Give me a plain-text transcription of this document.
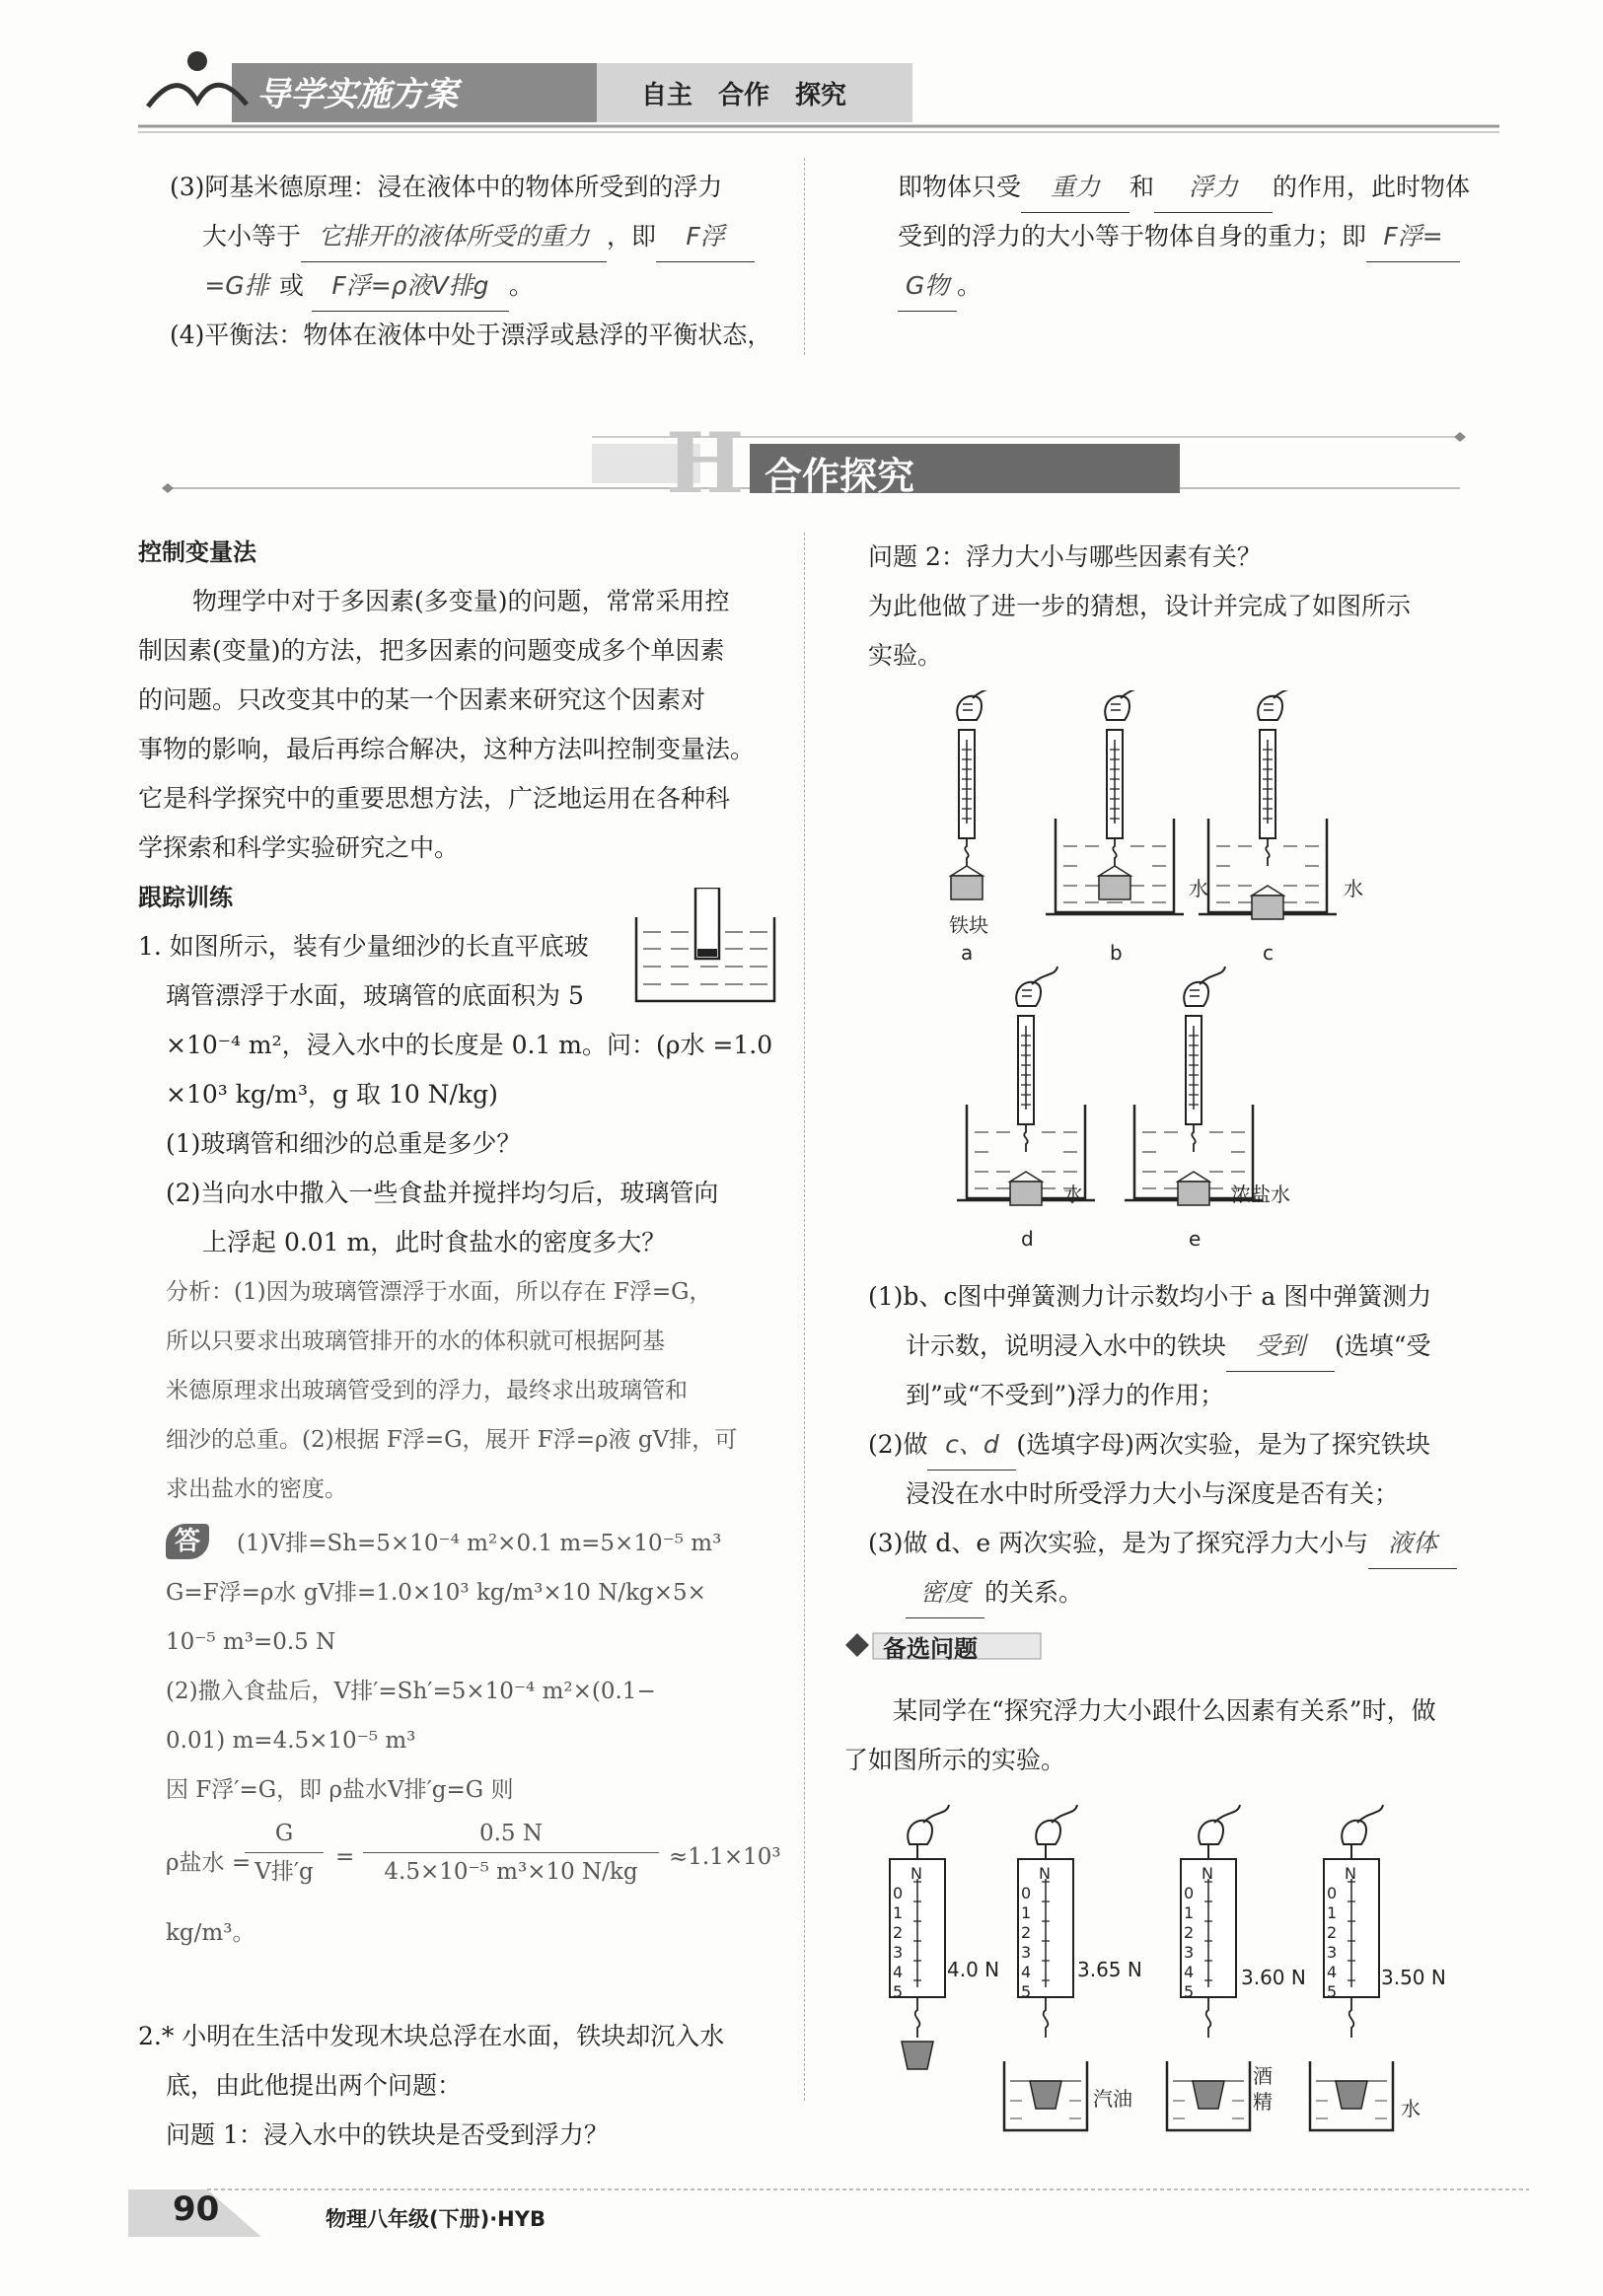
导学实施方案	自主　合作　探究
(3)阿基米德原理：浸在液体中的物体所受到的浮力
大小等于 它排开的液体所受的重力 ，即 F浮
=G排 或 F浮=ρ液V排g 。
(4)平衡法：物体在液体中处于漂浮或悬浮的平衡状态，
即物体只受 重力 和 浮力 的作用，此时物体
受到的浮力的大小等于物体自身的重力；即 F浮=
G物 。
H 合作探究
控制变量法
物理学中对于多因素(多变量)的问题，常常采用控
制因素(变量)的方法，把多因素的问题变成多个单因素
的问题。只改变其中的某一个因素来研究这个因素对
事物的影响，最后再综合解决，这种方法叫控制变量法。
它是科学探究中的重要思想方法，广泛地运用在各种科
学探索和科学实验研究之中。
跟踪训练
1. 如图所示，装有少量细沙的长直平底玻
璃管漂浮于水面，玻璃管的底面积为 5
×10⁻⁴ m²，浸入水中的长度是 0.1 m。问：(ρ水 =1.0
×10³ kg/m³，g 取 10 N/kg)
(1)玻璃管和细沙的总重是多少？
(2)当向水中撒入一些食盐并搅拌均匀后，玻璃管向
上浮起 0.01 m，此时食盐水的密度多大？
分析：(1)因为玻璃管漂浮于水面，所以存在 F浮=G，
所以只要求出玻璃管排开的水的体积就可根据阿基
米德原理求出玻璃管受到的浮力，最终求出玻璃管和
细沙的总重。(2)根据 F浮=G，展开 F浮=ρ液 gV排，可
求出盐水的密度。
答	(1)V排=Sh=5×10⁻⁴ m²×0.1 m=5×10⁻⁵ m³
G=F浮=ρ水 gV排=1.0×10³ kg/m³×10 N/kg×5×
10⁻⁵ m³=0.5 N
(2)撒入食盐后，V排′=Sh′=5×10⁻⁴ m²×(0.1−
0.01) m=4.5×10⁻⁵ m³
因 F浮′=G，即 ρ盐水V排′g=G 则
ρ盐水 =
G
V排′g
=
0.5 N
4.5×10⁻⁵ m³×10 N/kg
≈1.1×10³
kg/m³。
2.* 小明在生活中发现木块总浮在水面，铁块却沉入水
底，由此他提出两个问题：
问题 1：浸入水中的铁块是否受到浮力？
问题 2：浮力大小与哪些因素有关？
为此他做了进一步的猜想，设计并完成了如图所示
实验。
铁块
a	b	c
水	水
水	浓盐水
d	e
(1)b、c图中弹簧测力计示数均小于 a 图中弹簧测力
计示数，说明浸入水中的铁块 受到 (选填“受
到”或“不受到”)浮力的作用；
(2)做 c、d (选填字母)两次实验，是为了探究铁块
浸没在水中时所受浮力大小与深度是否有关；
(3)做 d、e 两次实验，是为了探究浮力大小与 液体
密度 的关系。
备选问题
某同学在“探究浮力大小跟什么因素有关系”时，做
了如图所示的实验。
N
0
1
2
3
4
5
N
0
1
2
3
4
5
N
0
1
2
3
4
5
N
0
1
2
3
4
5
4.0 N	3.65 N	3.60 N	3.50 N
汽油
酒精	水
90	物理八年级(下册)·HYB
